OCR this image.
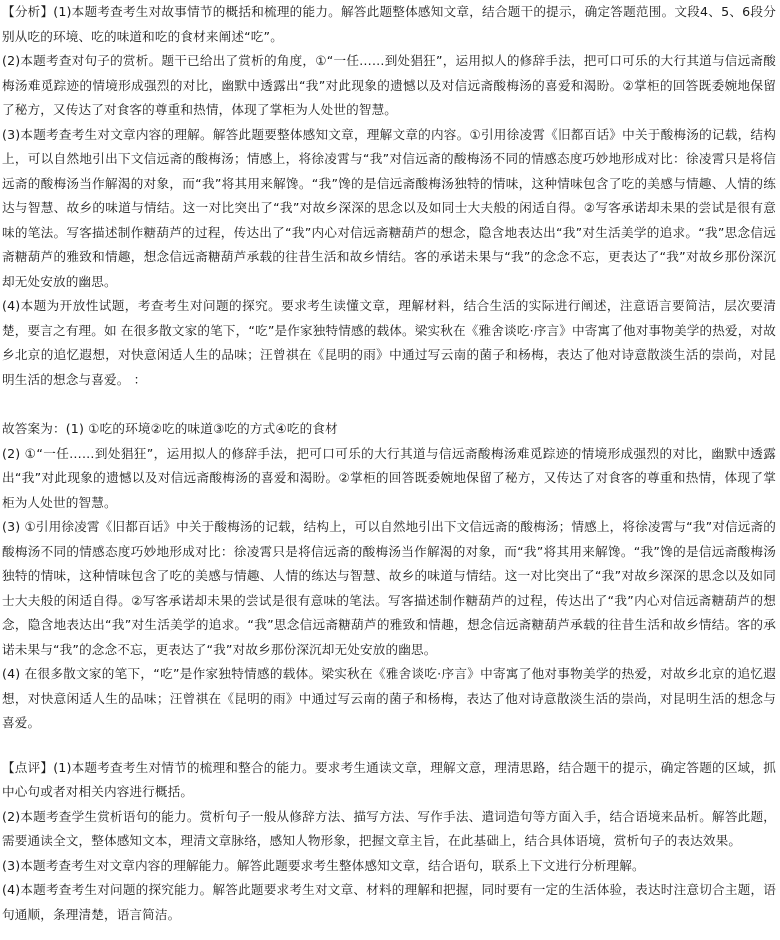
【分析】(1)本题考查考生对故事情节的概括和梳理的能力。解答此题整体感知文章，结合题干的提示，确定答题范围。文段4、5、6段分别从吃的环境、吃的味道和吃的食材来阐述“吃”。

(2)本题考查对句子的赏析。题干已给出了赏析的角度，①“一任……到处猖狂”，运用拟人的修辞手法，把可口可乐的大行其道与信远斋酸梅汤难觅踪迹的情境形成强烈的对比，幽默中透露出“我”对此现象的遗憾以及对信远斋酸梅汤的喜爱和渴盼。②掌柜的回答既委婉地保留了秘方，又传达了对食客的尊重和热情，体现了掌柜为人处世的智慧。

(3)本题考查考生对文章内容的理解。解答此题要整体感知文章，理解文章的内容。①引用徐凌霄《旧都百话》中关于酸梅汤的记载，结构上，可以自然地引出下文信远斋的酸梅汤；情感上，将徐凌霄与“我”对信远斋的酸梅汤不同的情感态度巧妙地形成对比：徐凌霄只是将信远斋的酸梅汤当作解渴的对象，而“我”将其用来解馋。“我”馋的是信远斋酸梅汤独特的情味，这种情味包含了吃的美感与情趣、人情的练达与智慧、故乡的味道与情结。这一对比突出了“我”对故乡深深的思念以及如同士大夫般的闲适自得。②写客承诺却未果的尝试是很有意味的笔法。写客描述制作糖葫芦的过程，传达出了“我”内心对信远斋糖葫芦的想念，隐含地表达出“我”对生活美学的追求。“我”思念信远斋糖葫芦的雅致和情趣，想念信远斋糖葫芦承载的往昔生活和故乡情结。客的承诺未果与“我”的念念不忘，更表达了“我”对故乡那份深沉却无处安放的幽思。

(4)本题为开放性试题，考查考生对问题的探究。要求考生读懂文章，理解材料，结合生活的实际进行阐述，注意语言要简洁，层次要清楚，要言之有理。如 在很多散文家的笔下，“吃”是作家独特情感的载体。梁实秋在《雅舍谈吃·序言》中寄寓了他对事物美学的热爱，对故乡北京的追忆遐想，对快意闲适人生的品味；汪曾祺在《昆明的雨》中通过写云南的菌子和杨梅，表达了他对诗意散淡生活的崇尚，对昆明生活的想念与喜爱。 ：

故答案为：(1) ①吃的环境②吃的味道③吃的方式④吃的食材

(2) ①“一任……到处猖狂”，运用拟人的修辞手法，把可口可乐的大行其道与信远斋酸梅汤难觅踪迹的情境形成强烈的对比，幽默中透露出“我”对此现象的遗憾以及对信远斋酸梅汤的喜爱和渴盼。②掌柜的回答既委婉地保留了秘方，又传达了对食客的尊重和热情，体现了掌柜为人处世的智慧。

(3) ①引用徐凌霄《旧都百话》中关于酸梅汤的记载，结构上，可以自然地引出下文信远斋的酸梅汤；情感上，将徐凌霄与“我”对信远斋的酸梅汤不同的情感态度巧妙地形成对比：徐凌霄只是将信远斋的酸梅汤当作解渴的对象，而“我”将其用来解馋。“我”馋的是信远斋酸梅汤独特的情味，这种情味包含了吃的美感与情趣、人情的练达与智慧、故乡的味道与情结。这一对比突出了“我”对故乡深深的思念以及如同士大夫般的闲适自得。②写客承诺却未果的尝试是很有意味的笔法。写客描述制作糖葫芦的过程，传达出了“我”内心对信远斋糖葫芦的想念，隐含地表达出“我”对生活美学的追求。“我”思念信远斋糖葫芦的雅致和情趣，想念信远斋糖葫芦承载的往昔生活和故乡情结。客的承诺未果与“我”的念念不忘，更表达了“我”对故乡那份深沉却无处安放的幽思。

(4) 在很多散文家的笔下，“吃”是作家独特情感的载体。梁实秋在《雅舍谈吃·序言》中寄寓了他对事物美学的热爱，对故乡北京的追忆遐想，对快意闲适人生的品味；汪曾祺在《昆明的雨》中通过写云南的菌子和杨梅，表达了他对诗意散淡生活的崇尚，对昆明生活的想念与喜爱。

【点评】(1)本题考查考生对情节的梳理和整合的能力。要求考生通读文章，理解文意，理清思路，结合题干的提示，确定答题的区域，抓中心句或者对相关内容进行概括。

(2)本题考查学生赏析语句的能力。赏析句子一般从修辞方法、描写方法、写作手法、遣词造句等方面入手，结合语境来品析。解答此题，需要通读全文，整体感知文本，理清文章脉络，感知人物形象，把握文章主旨，在此基础上，结合具体语境，赏析句子的表达效果。

(3)本题考查考生对文章内容的理解能力。解答此题要求考生整体感知文章，结合语句，联系上下文进行分析理解。

(4)本题考查考生对问题的探究能力。解答此题要求考生对文章、材料的理解和把握，同时要有一定的生活体验，表达时注意切合主题，语句通顺，条理清楚，语言简洁。
